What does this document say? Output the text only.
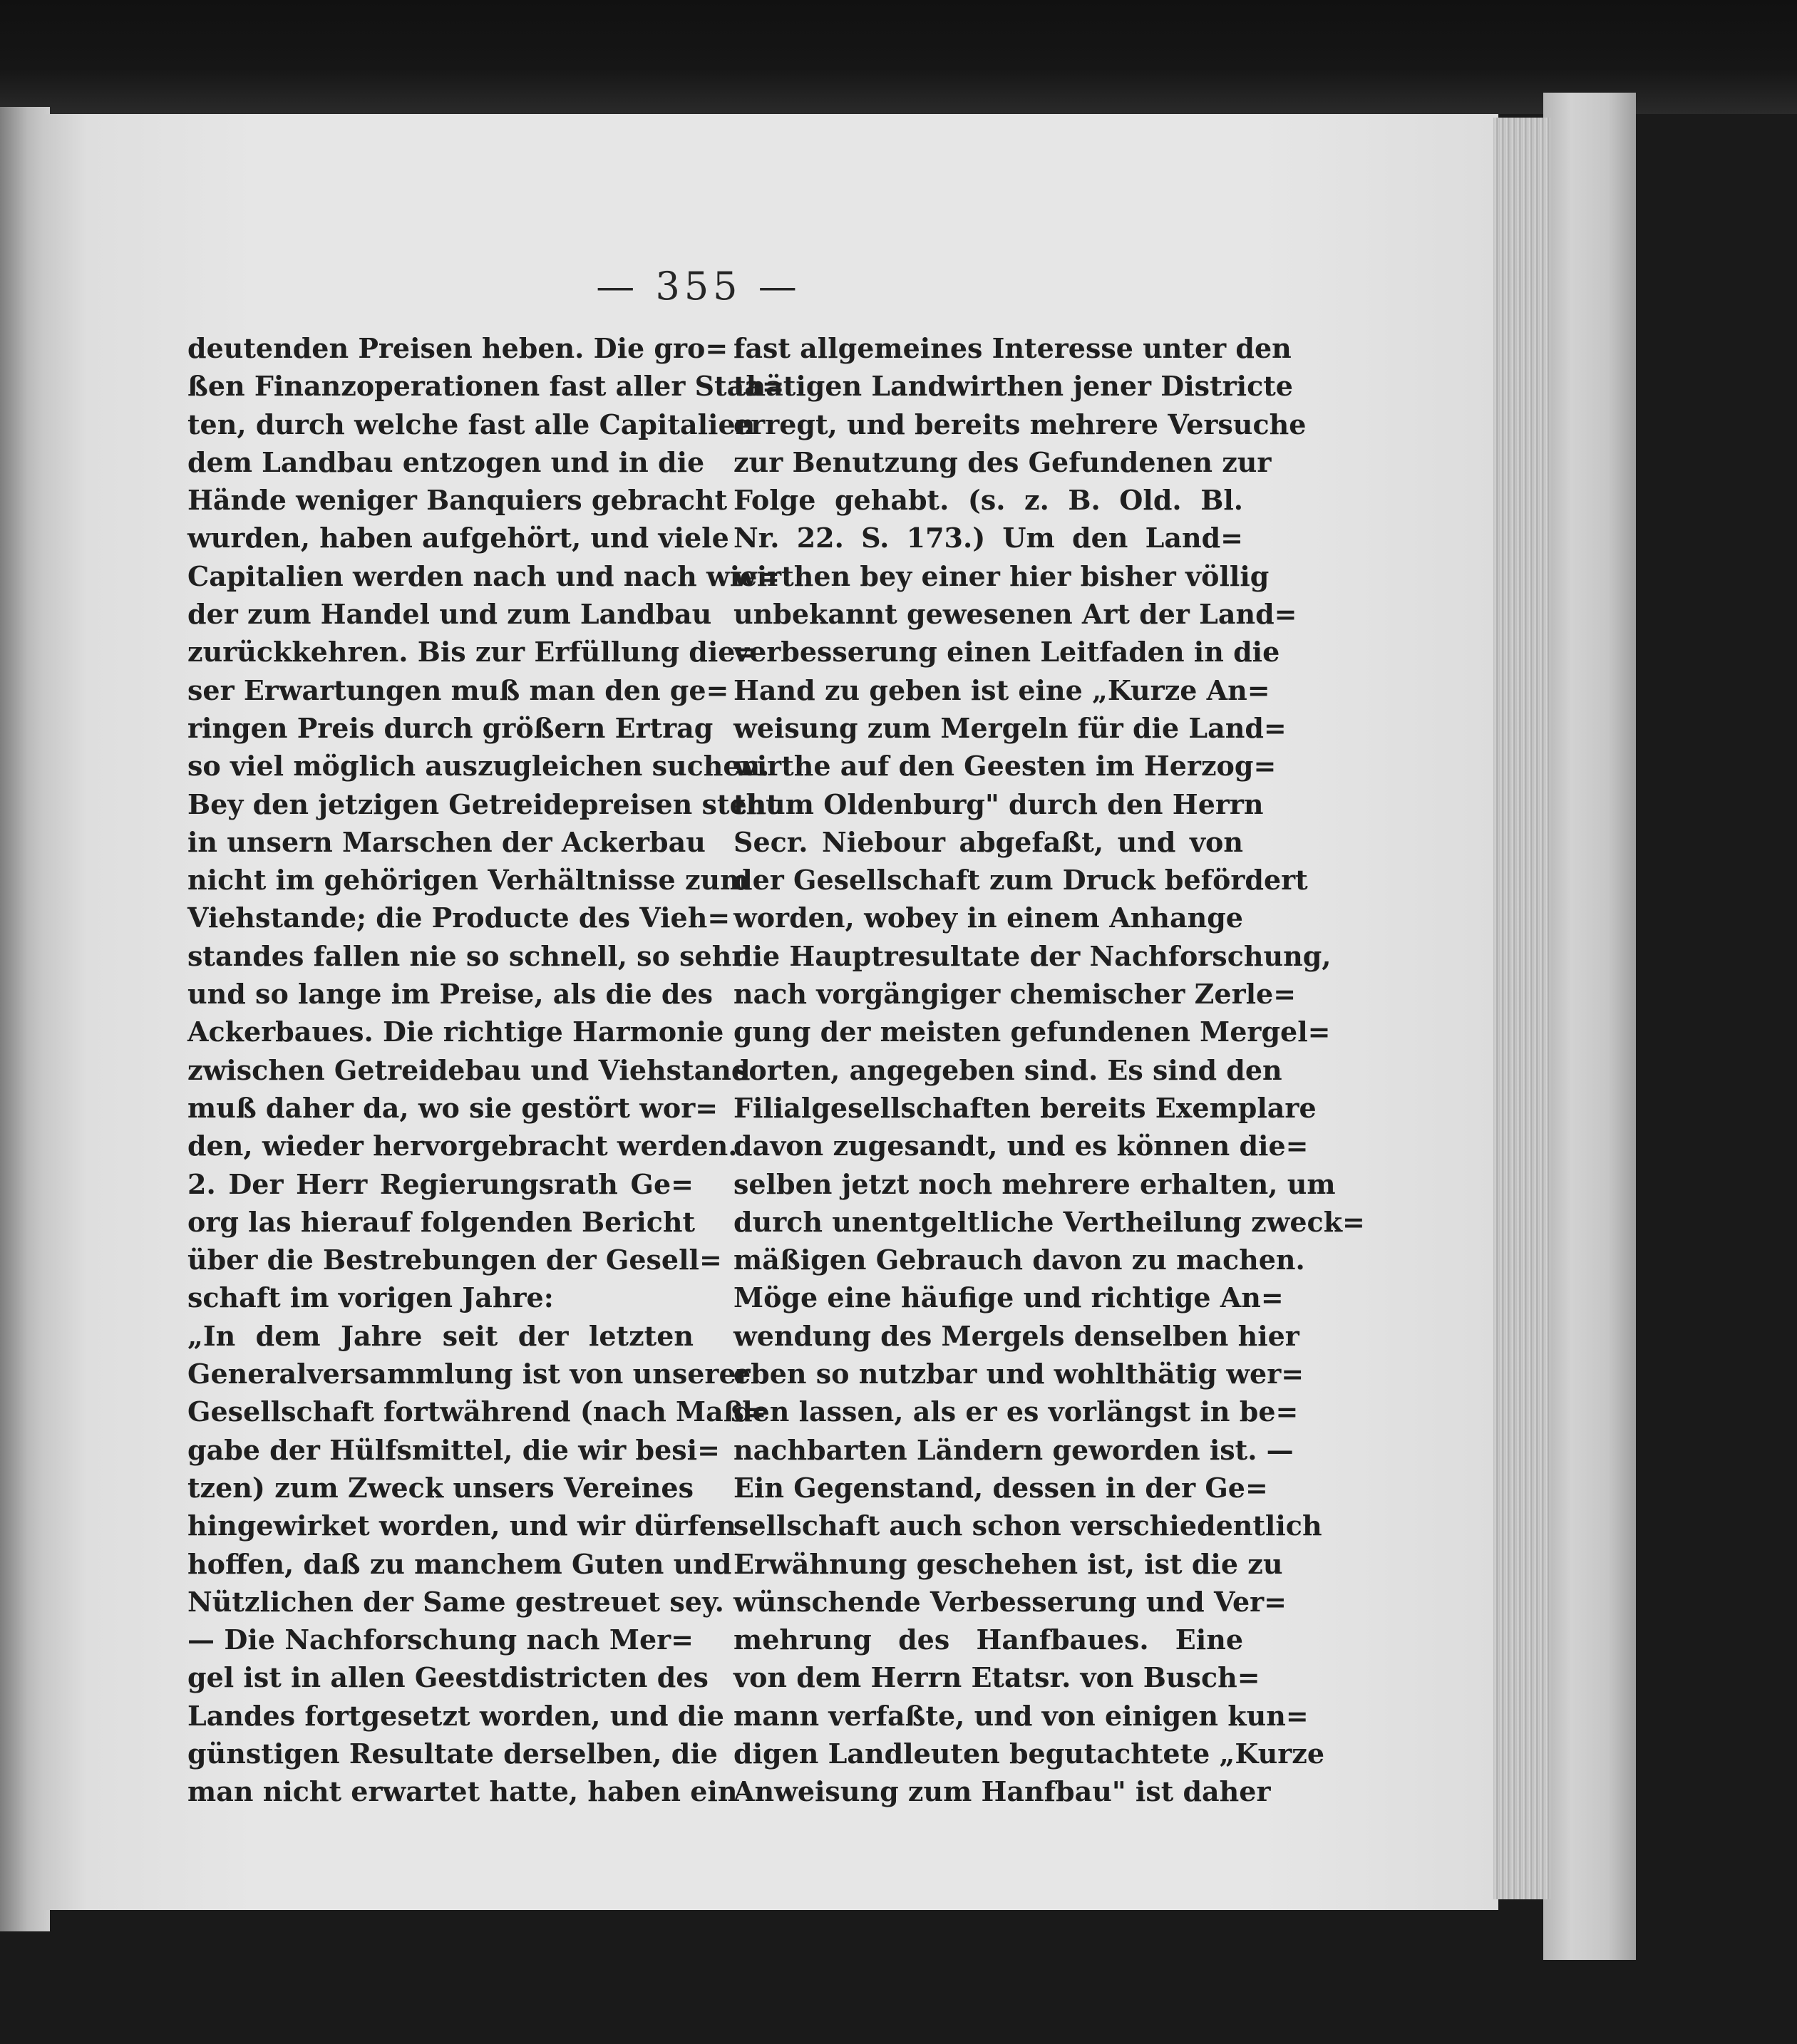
— 355 —
deutenden Preisen heben. Die gro=
ßen Finanzoperationen fast aller Staa=
ten, durch welche fast alle Capitalien
dem Landbau entzogen und in die
Hände weniger Banquiers gebracht
wurden, haben aufgehört, und viele
Capitalien werden nach und nach wie=
der zum Handel und zum Landbau
zurückkehren. Bis zur Erfüllung die=
ser Erwartungen muß man den ge=
ringen Preis durch größern Ertrag
so viel möglich auszugleichen suchen.
Bey den jetzigen Getreidepreisen steht
in unsern Marschen der Ackerbau
nicht im gehörigen Verhältnisse zum
Viehstande; die Producte des Vieh=
standes fallen nie so schnell, so sehr
und so lange im Preise, als die des
Ackerbaues. Die richtige Harmonie
zwischen Getreidebau und Viehstand
muß daher da, wo sie gestört wor=
den, wieder hervorgebracht werden.
2. Der Herr Regierungsrath Ge=
org las hierauf folgenden Bericht
über die Bestrebungen der Gesell=
schaft im vorigen Jahre:
„In dem Jahre seit der letzten
Generalversammlung ist von unserer
Gesellschaft fortwährend (nach Maß=
gabe der Hülfsmittel, die wir besi=
tzen) zum Zweck unsers Vereines
hingewirket worden, und wir dürfen
hoffen, daß zu manchem Guten und
Nützlichen der Same gestreuet sey.
— Die Nachforschung nach Mer=
gel ist in allen Geestdistricten des
Landes fortgesetzt worden, und die
günstigen Resultate derselben, die
man nicht erwartet hatte, haben ein
fast allgemeines Interesse unter den
thätigen Landwirthen jener Districte
erregt, und bereits mehrere Versuche
zur Benutzung des Gefundenen zur
Folge gehabt. (s. z. B. Old. Bl.
Nr. 22. S. 173.) Um den Land=
wirthen bey einer hier bisher völlig
unbekannt gewesenen Art der Land=
verbesserung einen Leitfaden in die
Hand zu geben ist eine „Kurze An=
weisung zum Mergeln für die Land=
wirthe auf den Geesten im Herzog=
thum Oldenburg" durch den Herrn
Secr. Niebour abgefaßt, und von
der Gesellschaft zum Druck befördert
worden, wobey in einem Anhange
die Hauptresultate der Nachforschung,
nach vorgängiger chemischer Zerle=
gung der meisten gefundenen Mergel=
sorten, angegeben sind. Es sind den
Filialgesellschaften bereits Exemplare
davon zugesandt, und es können die=
selben jetzt noch mehrere erhalten, um
durch unentgeltliche Vertheilung zweck=
mäßigen Gebrauch davon zu machen.
Möge eine häufige und richtige An=
wendung des Mergels denselben hier
eben so nutzbar und wohlthätig wer=
den lassen, als er es vorlängst in be=
nachbarten Ländern geworden ist. —
Ein Gegenstand, dessen in der Ge=
sellschaft auch schon verschiedentlich
Erwähnung geschehen ist, ist die zu
wünschende Verbesserung und Ver=
mehrung des Hanfbaues. Eine
von dem Herrn Etatsr. von Busch=
mann verfaßte, und von einigen kun=
digen Landleuten begutachtete „Kurze
Anweisung zum Hanfbau" ist daher
